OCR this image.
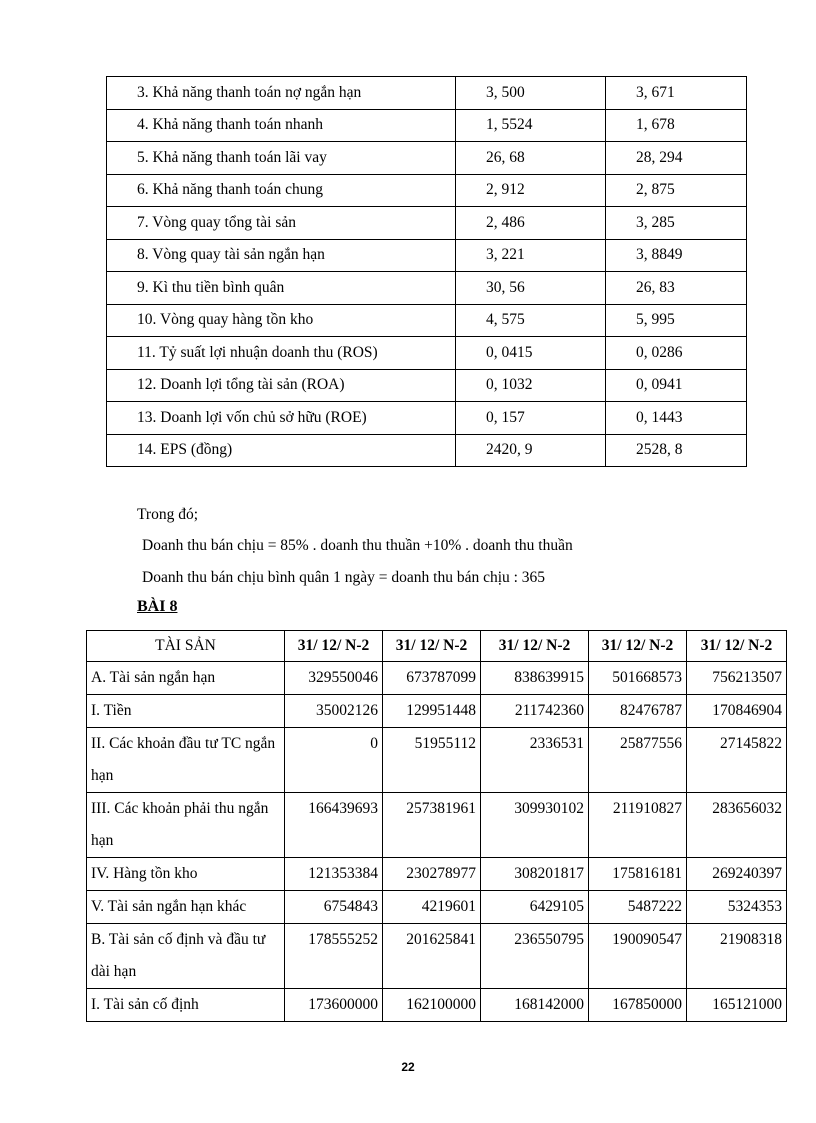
3. Khả năng thanh toán nợ ngắn hạn	3, 500	3, 671
4. Khả năng thanh toán nhanh	1, 5524	1, 678
5. Khả năng thanh toán lãi vay	26, 68	28, 294
6. Khả năng thanh toán chung	2, 912	2, 875
7. Vòng quay tổng tài sản	2, 486	3, 285
8. Vòng quay tài sản ngắn hạn	3, 221	3, 8849
9. Kì thu tiền bình quân	30, 56	26, 83
10. Vòng quay hàng tồn kho	4, 575	5, 995
11. Tỷ suất lợi nhuận doanh thu (ROS)	0, 0415	0, 0286
12. Doanh lợi tổng tài sản (ROA)	0, 1032	0, 0941
13. Doanh lợi vốn chủ sở hữu (ROE)	0, 157	0, 1443
14. EPS (đồng)	2420, 9	2528, 8
Trong đó;
Doanh thu bán chịu = 85% . doanh thu thuần +10% . doanh thu thuần
Doanh thu bán chịu bình quân 1 ngày = doanh thu bán chịu : 365
BÀI 8
TÀI SẢN	31/ 12/ N-2	31/ 12/ N-2	31/ 12/ N-2	31/ 12/ N-2	31/ 12/ N-2
A. Tài sản ngắn hạn	329550046	673787099	838639915	501668573	756213507
I. Tiền	35002126	129951448	211742360	82476787	170846904
II. Các khoản đầu tư TC ngắn hạn	0	51955112	2336531	25877556	27145822
III. Các khoản phải thu ngắn hạn	166439693	257381961	309930102	211910827	283656032
IV. Hàng tồn kho	121353384	230278977	308201817	175816181	269240397
V. Tài sản ngắn hạn khác	6754843	4219601	6429105	5487222	5324353
B. Tài sản cố định và đầu tư dài hạn	178555252	201625841	236550795	190090547	21908318
I. Tài sản cố định	173600000	162100000	168142000	167850000	165121000
22
